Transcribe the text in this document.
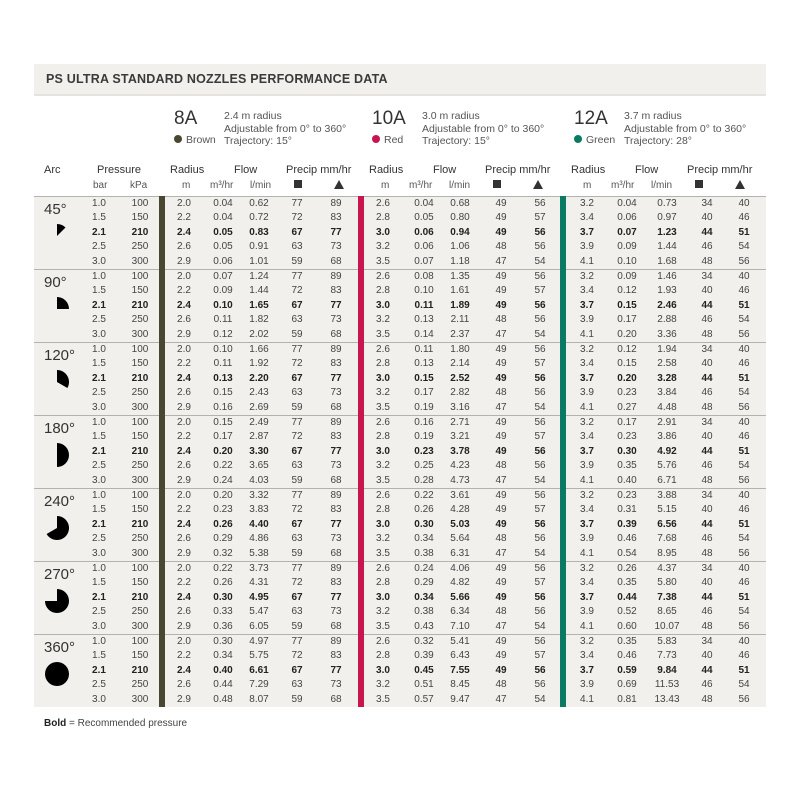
PS ULTRA STANDARD NOZZLES PERFORMANCE DATA
8A
Brown
2.4 m radius
Adjustable from 0° to 360°
Trajectory: 15°
10A
Red
3.0 m radius
Adjustable from 0° to 360°
Trajectory: 15°
12A
Green
3.7 m radius
Adjustable from 0° to 360°
Trajectory: 28°
Arc	Pressure
bar kPa
Radius	Flow	Precip mm/hr
m m³/hr l/min
Radius	Flow	Precip mm/hr
m m³/hr l/min
Radius	Flow	Precip mm/hr
m m³/hr l/min
45°	1.0	100	2.0	0.04	0.62	77	89	2.6	0.04	0.68	49	56	3.2	0.04	0.73	34	40
1.5	150	2.2	0.04	0.72	72	83	2.8	0.05	0.80	49	57	3.4	0.06	0.97	40	46
2.1	210	2.4	0.05	0.83	67	77	3.0	0.06	0.94	49	56	3.7	0.07	1.23	44	51
2.5	250	2.6	0.05	0.91	63	73	3.2	0.06	1.06	48	56	3.9	0.09	1.44	46	54
3.0	300	2.9	0.06	1.01	59	68	3.5	0.07	1.18	47	54	4.1	0.10	1.68	48	56
90°	1.0	100	2.0	0.07	1.24	77	89	2.6	0.08	1.35	49	56	3.2	0.09	1.46	34	40
1.5	150	2.2	0.09	1.44	72	83	2.8	0.10	1.61	49	57	3.4	0.12	1.93	40	46
2.1	210	2.4	0.10	1.65	67	77	3.0	0.11	1.89	49	56	3.7	0.15	2.46	44	51
2.5	250	2.6	0.11	1.82	63	73	3.2	0.13	2.11	48	56	3.9	0.17	2.88	46	54
3.0	300	2.9	0.12	2.02	59	68	3.5	0.14	2.37	47	54	4.1	0.20	3.36	48	56
120°	1.0	100	2.0	0.10	1.66	77	89	2.6	0.11	1.80	49	56	3.2	0.12	1.94	34	40
1.5	150	2.2	0.11	1.92	72	83	2.8	0.13	2.14	49	57	3.4	0.15	2.58	40	46
2.1	210	2.4	0.13	2.20	67	77	3.0	0.15	2.52	49	56	3.7	0.20	3.28	44	51
2.5	250	2.6	0.15	2.43	63	73	3.2	0.17	2.82	48	56	3.9	0.23	3.84	46	54
3.0	300	2.9	0.16	2.69	59	68	3.5	0.19	3.16	47	54	4.1	0.27	4.48	48	56
180°	1.0	100	2.0	0.15	2.49	77	89	2.6	0.16	2.71	49	56	3.2	0.17	2.91	34	40
1.5	150	2.2	0.17	2.87	72	83	2.8	0.19	3.21	49	57	3.4	0.23	3.86	40	46
2.1	210	2.4	0.20	3.30	67	77	3.0	0.23	3.78	49	56	3.7	0.30	4.92	44	51
2.5	250	2.6	0.22	3.65	63	73	3.2	0.25	4.23	48	56	3.9	0.35	5.76	46	54
3.0	300	2.9	0.24	4.03	59	68	3.5	0.28	4.73	47	54	4.1	0.40	6.71	48	56
240°	1.0	100	2.0	0.20	3.32	77	89	2.6	0.22	3.61	49	56	3.2	0.23	3.88	34	40
1.5	150	2.2	0.23	3.83	72	83	2.8	0.26	4.28	49	57	3.4	0.31	5.15	40	46
2.1	210	2.4	0.26	4.40	67	77	3.0	0.30	5.03	49	56	3.7	0.39	6.56	44	51
2.5	250	2.6	0.29	4.86	63	73	3.2	0.34	5.64	48	56	3.9	0.46	7.68	46	54
3.0	300	2.9	0.32	5.38	59	68	3.5	0.38	6.31	47	54	4.1	0.54	8.95	48	56
270°	1.0	100	2.0	0.22	3.73	77	89	2.6	0.24	4.06	49	56	3.2	0.26	4.37	34	40
1.5	150	2.2	0.26	4.31	72	83	2.8	0.29	4.82	49	57	3.4	0.35	5.80	40	46
2.1	210	2.4	0.30	4.95	67	77	3.0	0.34	5.66	49	56	3.7	0.44	7.38	44	51
2.5	250	2.6	0.33	5.47	63	73	3.2	0.38	6.34	48	56	3.9	0.52	8.65	46	54
3.0	300	2.9	0.36	6.05	59	68	3.5	0.43	7.10	47	54	4.1	0.60	10.07	48	56
360°	1.0	100	2.0	0.30	4.97	77	89	2.6	0.32	5.41	49	56	3.2	0.35	5.83	34	40
1.5	150	2.2	0.34	5.75	72	83	2.8	0.39	6.43	49	57	3.4	0.46	7.73	40	46
2.1	210	2.4	0.40	6.61	67	77	3.0	0.45	7.55	49	56	3.7	0.59	9.84	44	51
2.5	250	2.6	0.44	7.29	63	73	3.2	0.51	8.45	48	56	3.9	0.69	11.53	46	54
3.0	300	2.9	0.48	8.07	59	68	3.5	0.57	9.47	47	54	4.1	0.81	13.43	48	56
Bold = Recommended pressure
